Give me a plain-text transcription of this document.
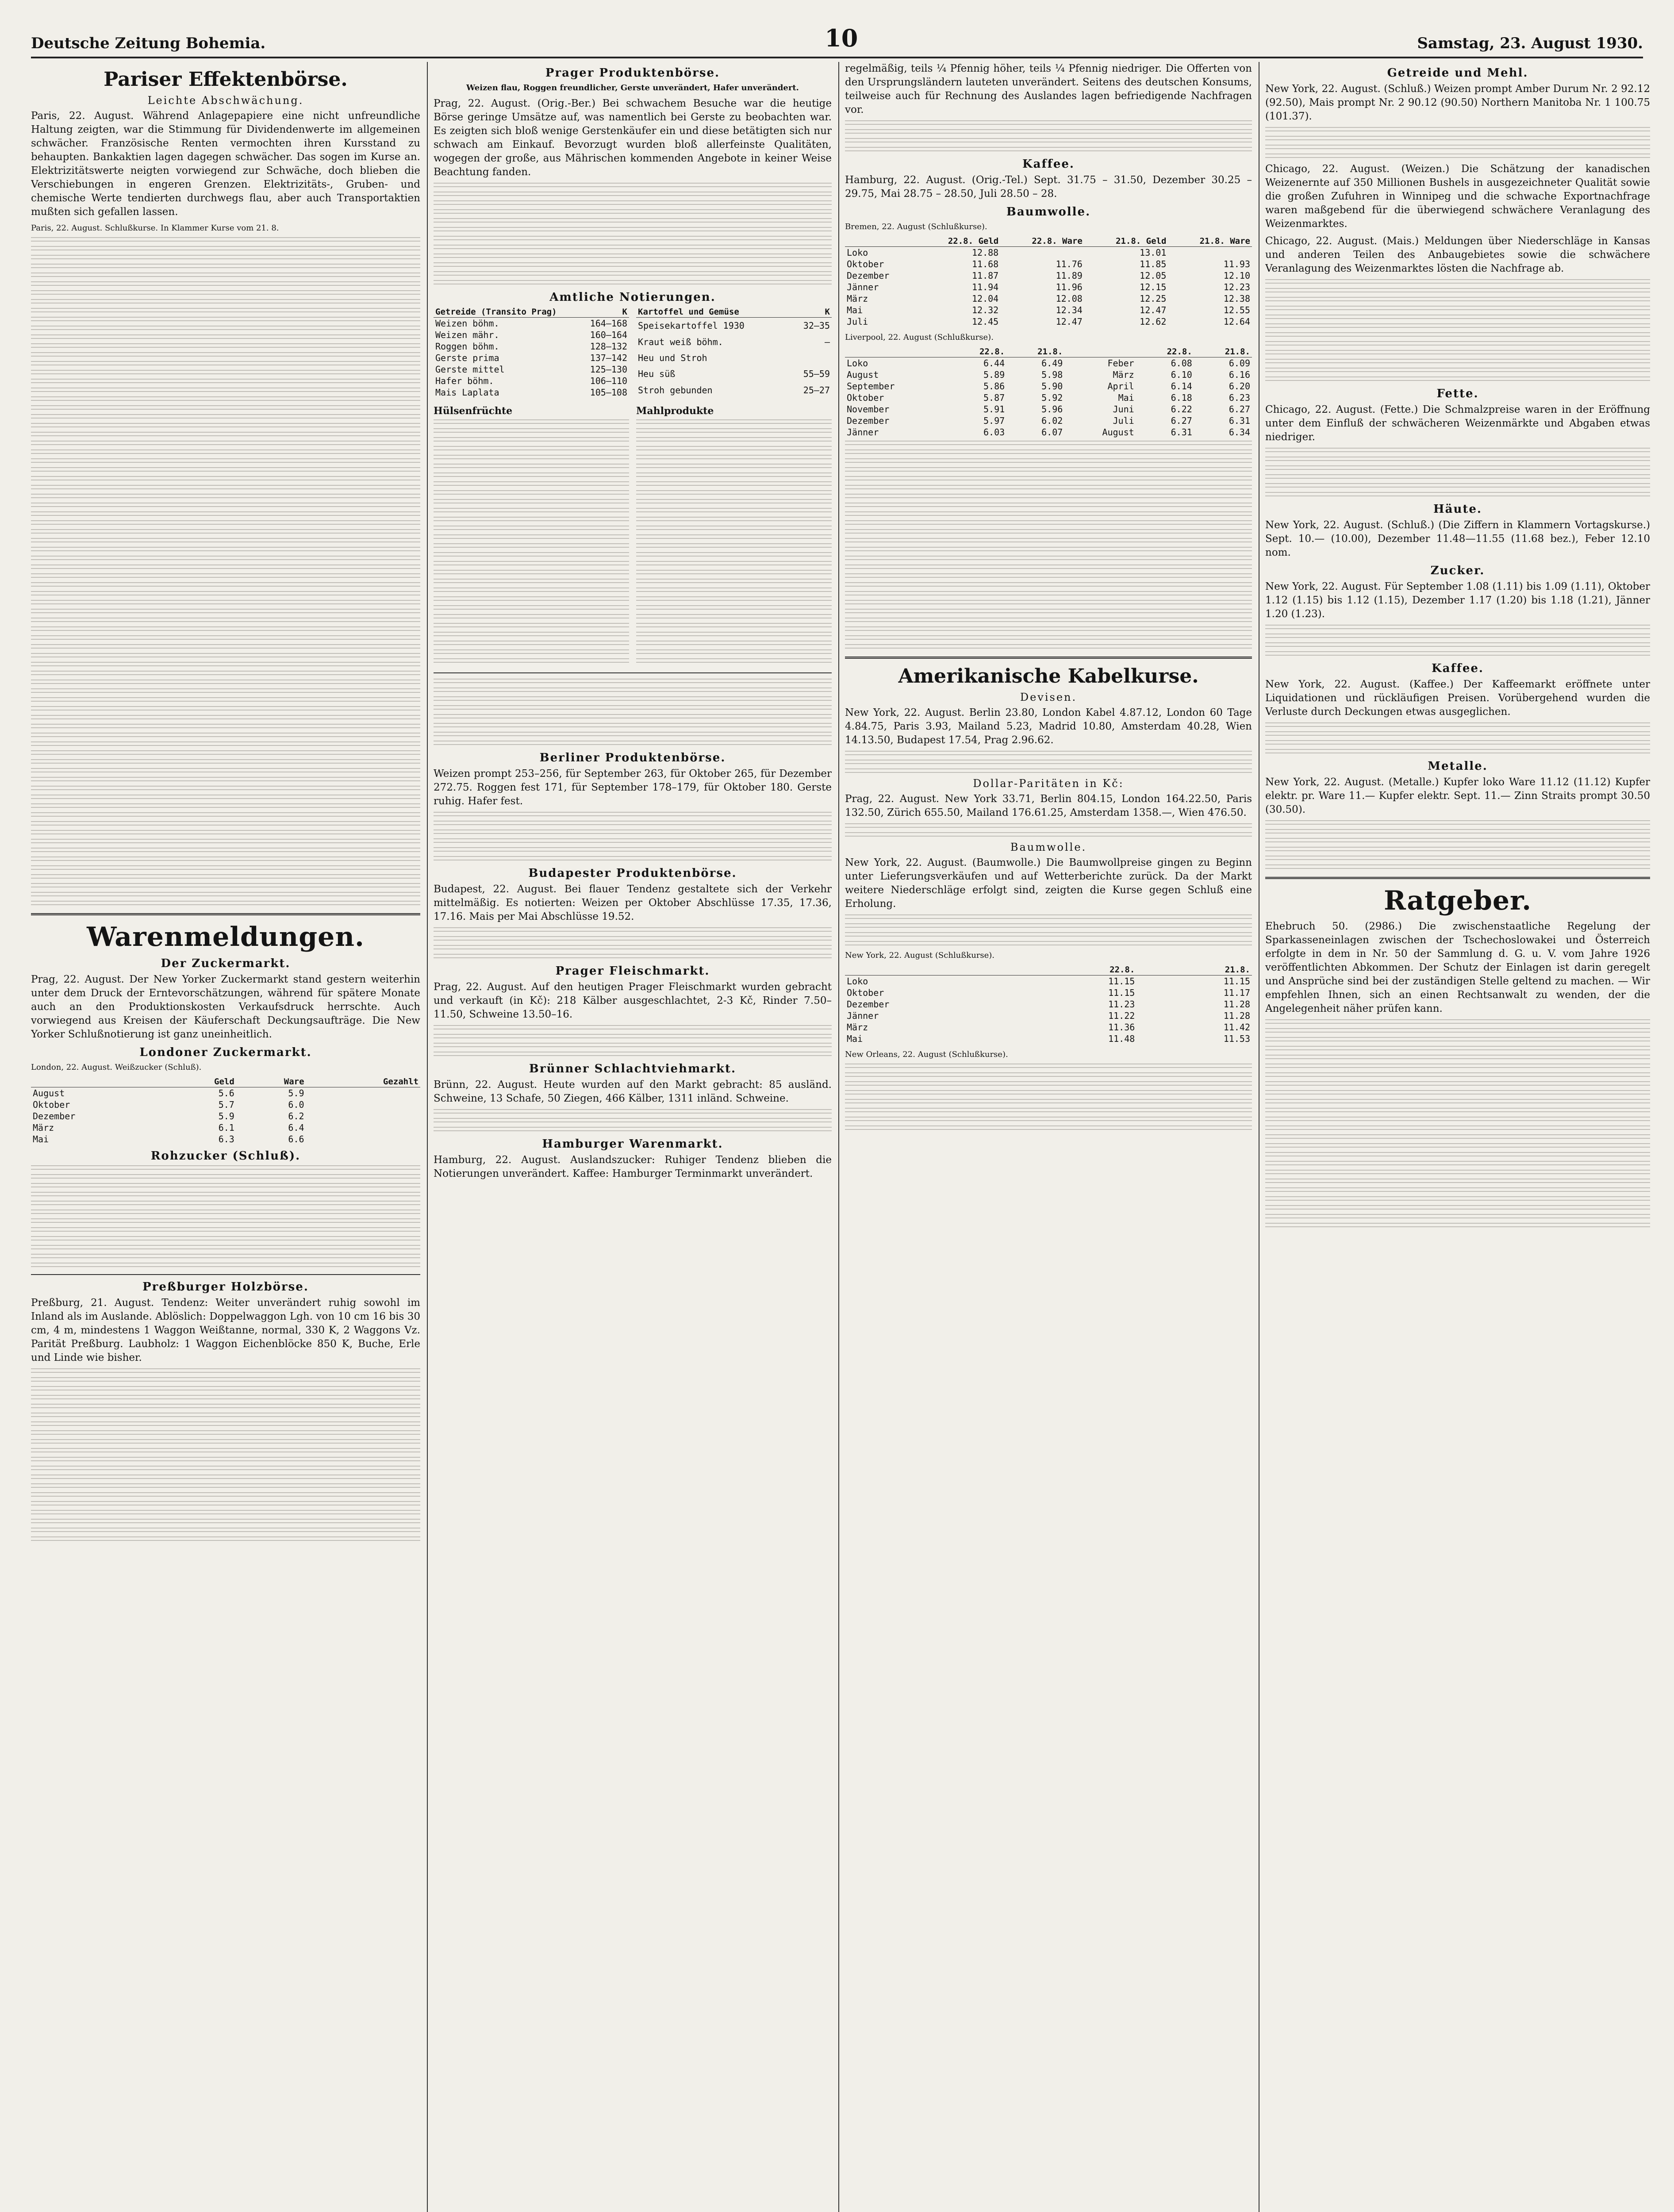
Deutsche Zeitung Bohemia.	10	Samstag, 23. August 1930.
Pariser Effektenbörse.
Leichte Abschwächung.

Paris, 22. August. Während Anlagepapiere eine nicht unfreundliche Haltung zeigten, war die Stimmung für Dividendenwerte im allgemeinen schwächer. Französische Renten vermochten ihren Kursstand zu behaupten. Bankaktien lagen dagegen schwächer. Das sogen im Kurse an. Elektrizitätswerte neigten vorwiegend zur Schwäche, doch blieben die Verschiebungen in engeren Grenzen. Elektrizitäts-, Gruben- und chemische Werte tendierten durchwegs flau, aber auch Transportaktien mußten sich gefallen lassen.

Paris, 22. August. Schlußkurse. In Klammer Kurse vom 21. 8.

Warenmeldungen.
Der Zuckermarkt.

Prag, 22. August. Der New Yorker Zuckermarkt stand gestern weiterhin unter dem Druck der Erntevorschätzungen, während für spätere Monate auch an den Produktionskosten Verkaufsdruck herrschte. Auch vorwiegend aus Kreisen der Käuferschaft Deckungsaufträge. Die New Yorker Schlußnotierung ist ganz uneinheitlich.

Londoner Zuckermarkt.

London, 22. August. Weißzucker (Schluß).

	Geld	Ware	Gezahlt
August	5.6	5.9	
Oktober	5.7	6.0	
Dezember	5.9	6.2	
März	6.1	6.4	
Mai	6.3	6.6	
Rohzucker (Schluß).
Preßburger Holzbörse.

Preßburg, 21. August. Tendenz: Weiter unverändert ruhig sowohl im Inland als im Auslande. Ablöslich: Doppelwaggon Lgh. von 10 cm 16 bis 30 cm, 4 m, mindestens 1 Waggon Weißtanne, normal, 330 K, 2 Waggons Vz. Parität Preßburg. Laubholz: 1 Waggon Eichenblöcke 850 K, Buche, Erle und Linde wie bisher.

Prager Produktenbörse.

Weizen flau, Roggen freundlicher, Gerste unverändert, Hafer unverändert.

Prag, 22. August. (Orig.-Ber.) Bei schwachem Besuche war die heutige Börse geringe Umsätze auf, was namentlich bei Gerste zu beobachten war. Es zeigten sich bloß wenige Gerstenkäufer ein und diese betätigten sich nur schwach am Einkauf. Bevorzugt wurden bloß allerfeinste Qualitäten, wogegen der große, aus Mährischen kommenden Angebote in keiner Weise Beachtung fanden.

Amtliche Notierungen.
Getreide (Transito Prag)	K
Weizen böhm.	164–168
Weizen mähr.	160–164
Roggen böhm.	128–132
Gerste prima	137–142
Gerste mittel	125–130
Hafer böhm.	106–110
Mais Laplata	105–108
Kartoffel und Gemüse	K
Speisekartoffel 1930	32–35
Kraut weiß böhm.	—
Heu und Stroh	
Heu süß	55–59
Stroh gebunden	25–27
Hülsenfrüchte	Mahlprodukte
Berliner Produktenbörse.

Weizen prompt 253–256, für September 263, für Oktober 265, für Dezember 272.75. Roggen fest 171, für September 178–179, für Oktober 180. Gerste ruhig. Hafer fest.

Budapester Produktenbörse.

Budapest, 22. August. Bei flauer Tendenz gestaltete sich der Verkehr mittelmäßig. Es notierten: Weizen per Oktober Abschlüsse 17.35, 17.36, 17.16. Mais per Mai Abschlüsse 19.52.

Prager Fleischmarkt.

Prag, 22. August. Auf den heutigen Prager Fleischmarkt wurden gebracht und verkauft (in Kč): 218 Kälber ausgeschlachtet, 2-3 Kč, Rinder 7.50–11.50, Schweine 13.50–16.

Brünner Schlachtviehmarkt.

Brünn, 22. August. Heute wurden auf den Markt gebracht: 85 ausländ. Schweine, 13 Schafe, 50 Ziegen, 466 Kälber, 1311 inländ. Schweine.

Hamburger Warenmarkt.

Hamburg, 22. August. Auslandszucker: Ruhiger Tendenz blieben die Notierungen unverändert. Kaffee: Hamburger Terminmarkt unverändert.

regelmäßig, teils ¼ Pfennig höher, teils ¼ Pfennig niedriger. Die Offerten von den Ursprungsländern lauteten unverändert. Seitens des deutschen Konsums, teilweise auch für Rechnung des Auslandes lagen befriedigende Nachfragen vor.

Kaffee.

Hamburg, 22. August. (Orig.-Tel.) Sept. 31.75 – 31.50, Dezember 30.25 – 29.75, Mai 28.75 – 28.50, Juli 28.50 – 28.

Baumwolle.

Bremen, 22. August (Schlußkurse).

	22.8. Geld	22.8. Ware	21.8. Geld	21.8. Ware
Loko	12.88		13.01	
Oktober	11.68	11.76	11.85	11.93
Dezember	11.87	11.89	12.05	12.10
Jänner	11.94	11.96	12.15	12.23
März	12.04	12.08	12.25	12.38
Mai	12.32	12.34	12.47	12.55
Juli	12.45	12.47	12.62	12.64

Liverpool, 22. August (Schlußkurse).

	22.8.	21.8.		22.8.	21.8.
Loko	6.44	6.49	Feber	6.08	6.09
August	5.89	5.98	März	6.10	6.16
September	5.86	5.90	April	6.14	6.20
Oktober	5.87	5.92	Mai	6.18	6.23
November	5.91	5.96	Juni	6.22	6.27
Dezember	5.97	6.02	Juli	6.27	6.31
Jänner	6.03	6.07	August	6.31	6.34
Amerikanische Kabelkurse.
Devisen.

New York, 22. August. Berlin 23.80, London Kabel 4.87.12, London 60 Tage 4.84.75, Paris 3.93, Mailand 5.23, Madrid 10.80, Amsterdam 40.28, Wien 14.13.50, Budapest 17.54, Prag 2.96.62.

Dollar-Paritäten in Kč:

Prag, 22. August. New York 33.71, Berlin 804.15, London 164.22.50, Paris 132.50, Zürich 655.50, Mailand 176.61.25, Amsterdam 1358.—, Wien 476.50.

Baumwolle.

New York, 22. August. (Baumwolle.) Die Baumwollpreise gingen zu Beginn unter Lieferungsverkäufen und auf Wetterberichte zurück. Da der Markt weitere Niederschläge erfolgt sind, zeigten die Kurse gegen Schluß eine Erholung.

New York, 22. August (Schlußkurse).

	22.8.	21.8.
Loko	11.15	11.15
Oktober	11.15	11.17
Dezember	11.23	11.28
Jänner	11.22	11.28
März	11.36	11.42
Mai	11.48	11.53

New Orleans, 22. August (Schlußkurse).

Getreide und Mehl.

New York, 22. August. (Schluß.) Weizen prompt Amber Durum Nr. 2 92.12 (92.50), Mais prompt Nr. 2 90.12 (90.50) Northern Manitoba Nr. 1 100.75 (101.37).

Chicago, 22. August. (Weizen.) Die Schätzung der kanadischen Weizenernte auf 350 Millionen Bushels in ausgezeichneter Qualität sowie die großen Zufuhren in Winnipeg und die schwache Exportnachfrage waren maßgebend für die überwiegend schwächere Veranlagung des Weizenmarktes.

Chicago, 22. August. (Mais.) Meldungen über Niederschläge in Kansas und anderen Teilen des Anbaugebietes sowie die schwächere Veranlagung des Weizenmarktes lösten die Nachfrage ab.

Fette.

Chicago, 22. August. (Fette.) Die Schmalzpreise waren in der Eröffnung unter dem Einfluß der schwächeren Weizenmärkte und Abgaben etwas niedriger.

Häute.

New York, 22. August. (Schluß.) (Die Ziffern in Klammern Vortagskurse.) Sept. 10.— (10.00), Dezember 11.48—11.55 (11.68 bez.), Feber 12.10 nom.

Zucker.

New York, 22. August. Für September 1.08 (1.11) bis 1.09 (1.11), Oktober 1.12 (1.15) bis 1.12 (1.15), Dezember 1.17 (1.20) bis 1.18 (1.21), Jänner 1.20 (1.23).

Kaffee.

New York, 22. August. (Kaffee.) Der Kaffeemarkt eröffnete unter Liquidationen und rückläufigen Preisen. Vorübergehend wurden die Verluste durch Deckungen etwas ausgeglichen.

Metalle.

New York, 22. August. (Metalle.) Kupfer loko Ware 11.12 (11.12) Kupfer elektr. pr. Ware 11.— Kupfer elektr. Sept. 11.— Zinn Straits prompt 30.50 (30.50).

Ratgeber.

Ehebruch 50. (2986.) Die zwischenstaatliche Regelung der Sparkasseneinlagen zwischen der Tschechoslowakei und Österreich erfolgte in dem in Nr. 50 der Sammlung d. G. u. V. vom Jahre 1926 veröffentlichten Abkommen. Der Schutz der Einlagen ist darin geregelt und Ansprüche sind bei der zuständigen Stelle geltend zu machen. — Wir empfehlen Ihnen, sich an einen Rechtsanwalt zu wenden, der die Angelegenheit näher prüfen kann.
